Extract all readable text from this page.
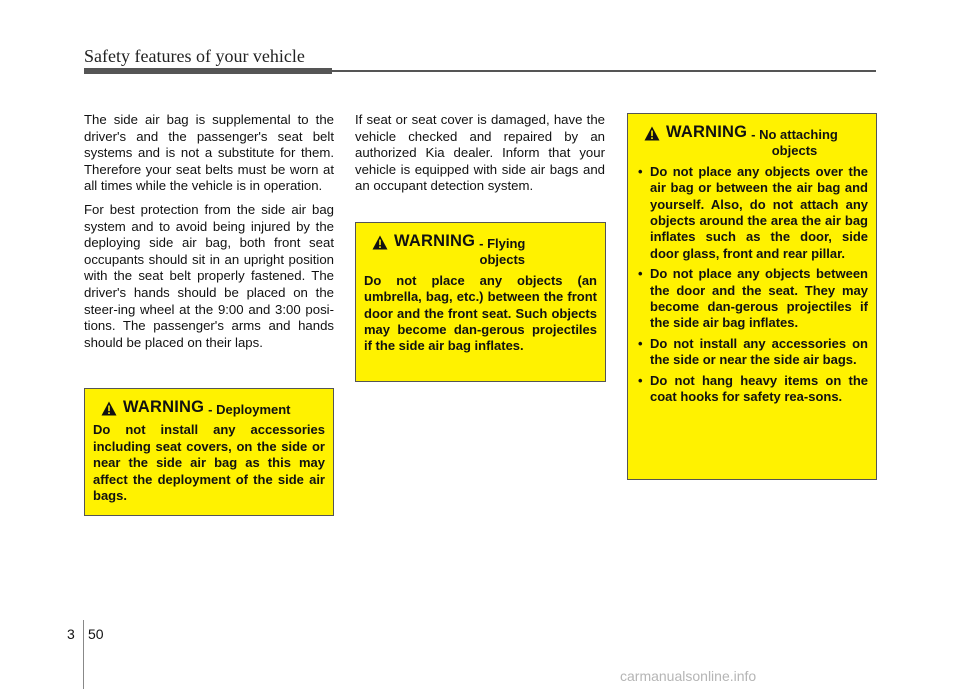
Safety features of your vehicle

The side air bag is supplemental to the driver's and the passenger's seat belt systems and is not a substitute for them. Therefore your seat belts must be worn at all times while the vehicle is in operation.

For best protection from the side air bag system and to avoid being injured by the deploying side air bag, both front seat occupants should sit in an upright position with the seat belt properly fastened. The driver's hands should be placed on the steer-ing wheel at the 9:00 and 3:00 posi-tions. The passenger's arms and hands should be placed on their laps.

If seat or seat cover is damaged, have the vehicle checked and repaired by an authorized Kia dealer. Inform that your vehicle is equipped with side air bags and an occupant detection system.

WARNING - Deployment
Do not install any accessories including seat covers, on the side or near the side air bag as this may affect the deployment of the side air bags.
WARNING - Flying
objects
Do not place any objects (an umbrella, bag, etc.) between the front door and the front seat. Such objects may become dan-gerous projectiles if the side air bag inflates.
WARNING - No attaching
objects
• Do not place any objects over the air bag or between the air bag and yourself. Also, do not attach any objects around the area the air bag inflates such as the door, side door glass, front and rear pillar.
• Do not place any objects between the door and the seat. They may become dan-gerous projectiles if the side air bag inflates.
• Do not install any accessories on the side or near the side air bags.
• Do not hang heavy items on the coat hooks for safety rea-sons.
3 50
carmanualsonline.info
